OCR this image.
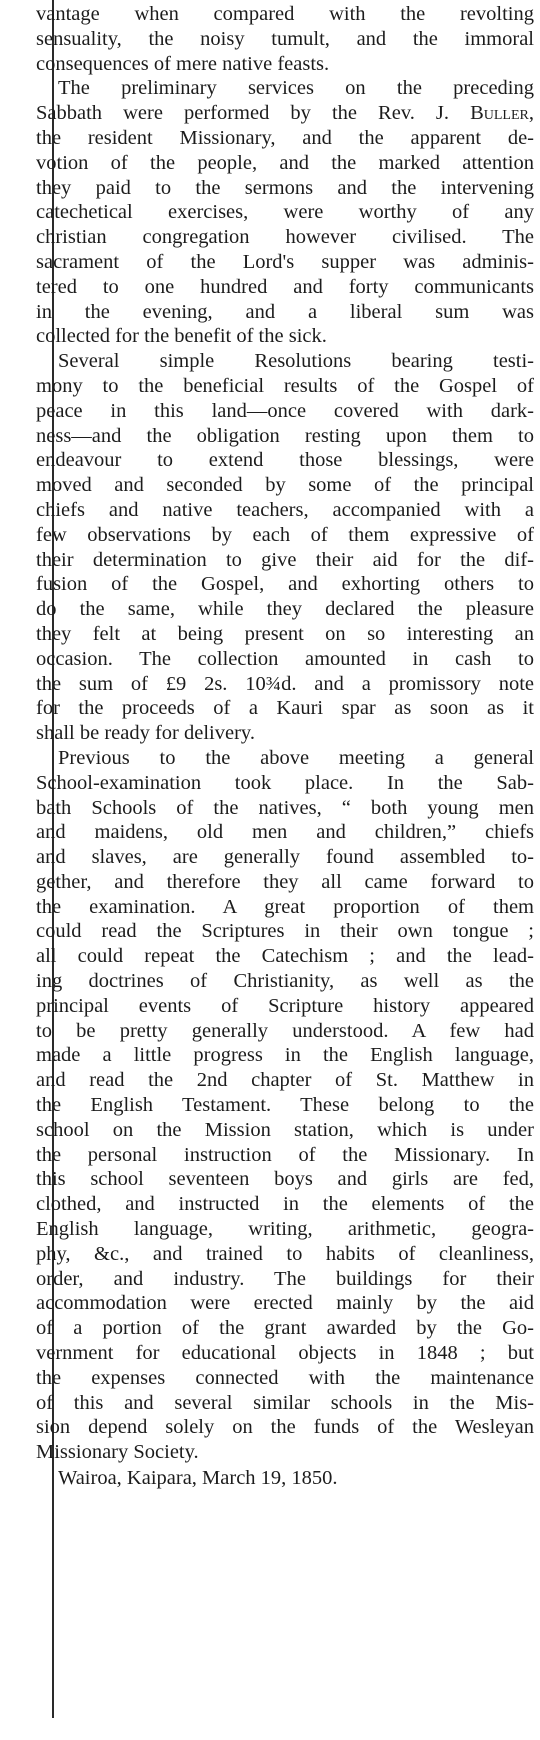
vantage when compared with the revolting
sensuality, the noisy tumult, and the immoral
consequences of mere native feasts.
The preliminary services on the preceding
Sabbath were performed by the Rev. J. Buller,
the resident Missionary, and the apparent de-
votion of the people, and the marked attention
they paid to the sermons and the intervening
catechetical exercises, were worthy of any
christian congregation however civilised. The
sacrament of the Lord's supper was adminis-
tered to one hundred and forty communicants
in the evening, and a liberal sum was
collected for the benefit of the sick.
Several simple Resolutions bearing testi-
mony to the beneficial results of the Gospel of
peace in this land—once covered with dark-
ness—and the obligation resting upon them to
endeavour to extend those blessings, were
moved and seconded by some of the principal
chiefs and native teachers, accompanied with a
few observations by each of them expressive of
their determination to give their aid for the dif-
fusion of the Gospel, and exhorting others to
do the same, while they declared the pleasure
they felt at being present on so interesting an
occasion. The collection amounted in cash to
the sum of £9 2s. 10¾d. and a promissory note
for the proceeds of a Kauri spar as soon as it
shall be ready for delivery.
Previous to the above meeting a general
School-examination took place. In the Sab-
bath Schools of the natives, “ both young men
and maidens, old men and children,” chiefs
and slaves, are generally found assembled to-
gether, and therefore they all came forward to
the examination. A great proportion of them
could read the Scriptures in their own tongue ;
all could repeat the Catechism ; and the lead-
ing doctrines of Christianity, as well as the
principal events of Scripture history appeared
to be pretty generally understood. A few had
made a little progress in the English language,
and read the 2nd chapter of St. Matthew in
the English Testament. These belong to the
school on the Mission station, which is under
the personal instruction of the Missionary. In
this school seventeen boys and girls are fed,
clothed, and instructed in the elements of the
English language, writing, arithmetic, geogra-
phy, &c., and trained to habits of cleanliness,
order, and industry. The buildings for their
accommodation were erected mainly by the aid
of a portion of the grant awarded by the Go-
vernment for educational objects in 1848 ; but
the expenses connected with the maintenance
of this and several similar schools in the Mis-
sion depend solely on the funds of the Wesleyan
Missionary Society.
Wairoa, Kaipara, March 19, 1850.
